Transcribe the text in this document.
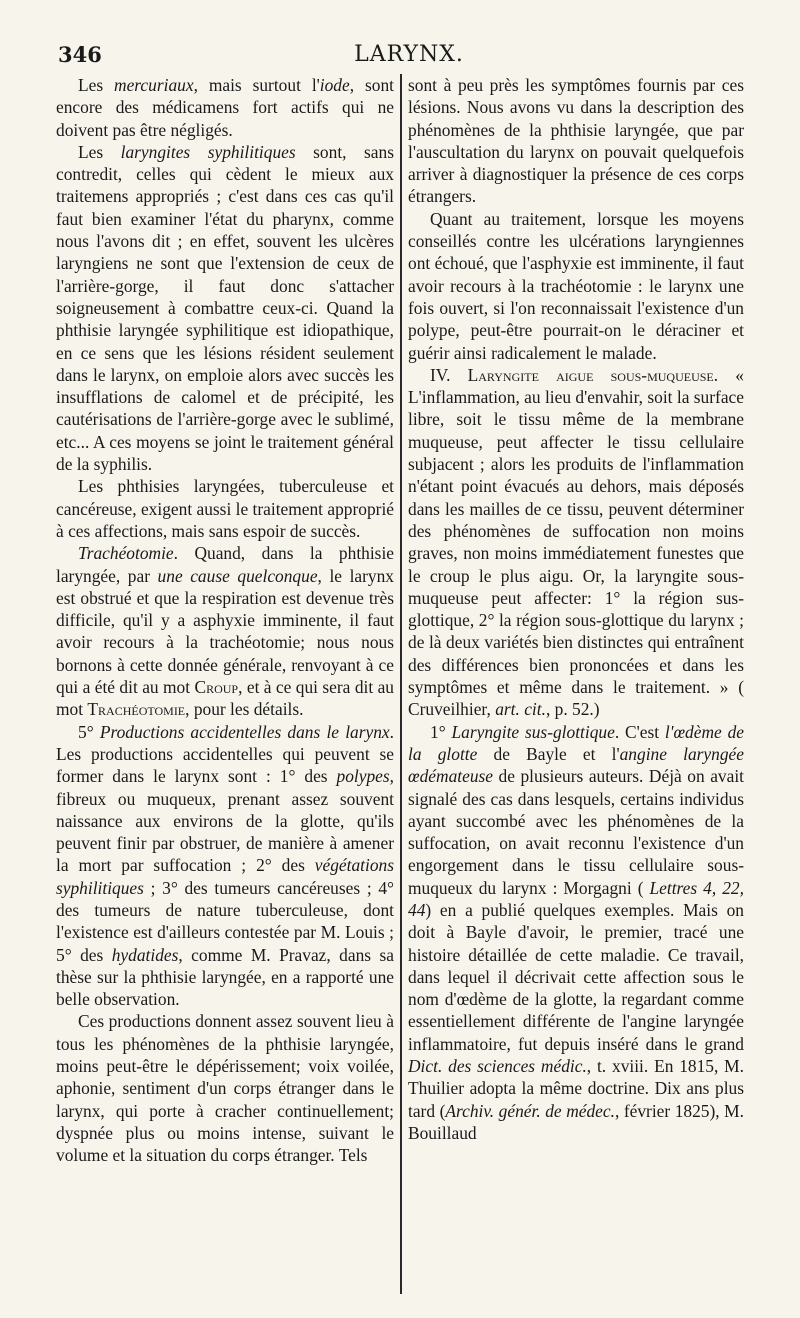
346	LARYNX.

Les mercuriaux, mais surtout l'iode, sont encore des médicamens fort actifs qui ne doivent pas être négligés.

Les laryngites syphilitiques sont, sans contredit, celles qui cèdent le mieux aux traitemens appropriés ; c'est dans ces cas qu'il faut bien examiner l'état du pharynx, comme nous l'avons dit ; en effet, souvent les ulcères laryngiens ne sont que l'extension de ceux de l'arrière-gorge, il faut donc s'attacher soigneusement à combattre ceux-ci. Quand la phthisie laryngée syphilitique est idiopathique, en ce sens que les lésions résident seulement dans le larynx, on emploie alors avec succès les insufflations de calomel et de précipité, les cautérisations de l'arrière-gorge avec le sublimé, etc... A ces moyens se joint le traitement général de la syphilis.

Les phthisies laryngées, tuberculeuse et cancéreuse, exigent aussi le traitement approprié à ces affections, mais sans espoir de succès.

Trachéotomie. Quand, dans la phthisie laryngée, par une cause quelconque, le larynx est obstrué et que la respiration est devenue très difficile, qu'il y a asphyxie imminente, il faut avoir recours à la trachéotomie; nous nous bornons à cette donnée générale, renvoyant à ce qui a été dit au mot Croup, et à ce qui sera dit au mot Trachéotomie, pour les détails.

5° Productions accidentelles dans le larynx. Les productions accidentelles qui peuvent se former dans le larynx sont : 1° des polypes, fibreux ou muqueux, prenant assez souvent naissance aux environs de la glotte, qu'ils peuvent finir par obstruer, de manière à amener la mort par suffocation ; 2° des végétations syphilitiques ; 3° des tumeurs cancéreuses ; 4° des tumeurs de nature tuberculeuse, dont l'existence est d'ailleurs contestée par M. Louis ; 5° des hydatides, comme M. Pravaz, dans sa thèse sur la phthisie laryngée, en a rapporté une belle observation.

Ces productions donnent assez souvent lieu à tous les phénomènes de la phthisie laryngée, moins peut-être le dépérissement; voix voilée, aphonie, sentiment d'un corps étranger dans le larynx, qui porte à cracher continuellement; dyspnée plus ou moins intense, suivant le volume et la situation du corps étranger. Tels

sont à peu près les symptômes fournis par ces lésions. Nous avons vu dans la description des phénomènes de la phthisie laryngée, que par l'auscultation du larynx on pouvait quelquefois arriver à diagnostiquer la présence de ces corps étrangers.

Quant au traitement, lorsque les moyens conseillés contre les ulcérations laryngiennes ont échoué, que l'asphyxie est imminente, il faut avoir recours à la trachéotomie : le larynx une fois ouvert, si l'on reconnaissait l'existence d'un polype, peut-être pourrait-on le déraciner et guérir ainsi radicalement le malade.

IV. Laryngite aigue sous-muqueuse. « L'inflammation, au lieu d'envahir, soit la surface libre, soit le tissu même de la membrane muqueuse, peut affecter le tissu cellulaire subjacent ; alors les produits de l'inflammation n'étant point évacués au dehors, mais déposés dans les mailles de ce tissu, peuvent déterminer des phénomènes de suffocation non moins graves, non moins immédiatement funestes que le croup le plus aigu. Or, la laryngite sous-muqueuse peut affecter: 1° la région sus-glottique, 2° la région sous-glottique du larynx ; de là deux variétés bien distinctes qui entraînent des différences bien prononcées et dans les symptômes et même dans le traitement. » ( Cruveilhier, art. cit., p. 52.)

1° Laryngite sus-glottique. C'est l'œdème de la glotte de Bayle et l'angine laryngée œdémateuse de plusieurs auteurs. Déjà on avait signalé des cas dans lesquels, certains individus ayant succombé avec les phénomènes de la suffocation, on avait reconnu l'existence d'un engorgement dans le tissu cellulaire sous-muqueux du larynx : Morgagni ( Lettres 4, 22, 44) en a publié quelques exemples. Mais on doit à Bayle d'avoir, le premier, tracé une histoire détaillée de cette maladie. Ce travail, dans lequel il décrivait cette affection sous le nom d'œdème de la glotte, la regardant comme essentiellement différente de l'angine laryngée inflammatoire, fut depuis inséré dans le grand Dict. des sciences médic., t. xviii. En 1815, M. Thuilier adopta la même doctrine. Dix ans plus tard (Archiv. génér. de médec., février 1825), M. Bouillaud
